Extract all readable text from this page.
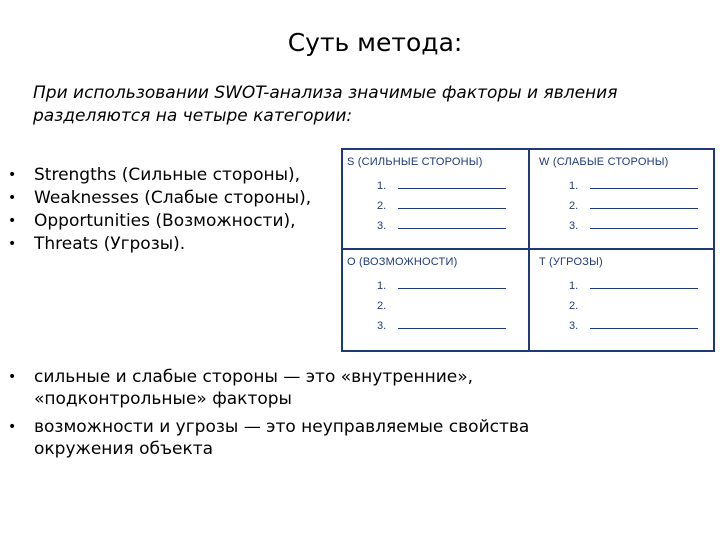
Суть метода:
При использовании SWOT-анализа значимые факторы и явления разделяются на четыре категории:
• Strengths (Сильные стороны),
• Weaknesses (Слабые стороны),
• Opportunities (Возможности),
• Threats (Угрозы).
S (СИЛЬНЫЕ СТОРОНЫ)
1.
2.
3.
W (СЛАБЫЕ СТОРОНЫ)
1.
2.
3.
O (ВОЗМОЖНОСТИ)
1.
2.
3.
T (УГРОЗЫ)
1.
2.
3.
• сильные и слабые стороны — это «внутренние», «подконтрольные» факторы
• возможности и угрозы — это неуправляемые свойства окружения объекта
